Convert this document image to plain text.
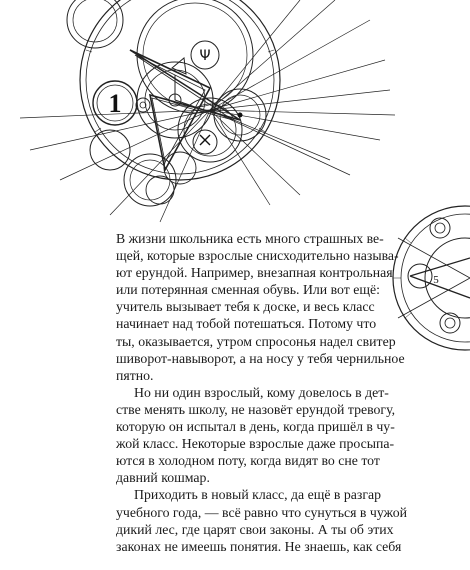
1
Ψ
5
В жизни школьника есть много страшных ве-
щей, которые взрослые снисходительно называ-
ют ерундой. Например, внезапная контрольная
или потерянная сменная обувь. Или вот ещё:
учитель вызывает тебя к доске, и весь класс
начинает над тобой потешаться. Потому что
ты, оказывается, утром спросонья надел свитер
шиворот-навыворот, а на носу у тебя чернильное
пятно.
Но ни один взрослый, кому довелось в дет-
стве менять школу, не назовёт ерундой тревогу,
которую он испытал в день, когда пришёл в чу-
жой класс. Некоторые взрослые даже просыпа-
ются в холодном поту, когда видят во сне тот
давний кошмар.
Приходить в новый класс, да ещё в разгар
учебного года, — всё равно что сунуться в чужой
дикий лес, где царят свои законы. А ты об этих
законах не имеешь понятия. Не знаешь, как себя
